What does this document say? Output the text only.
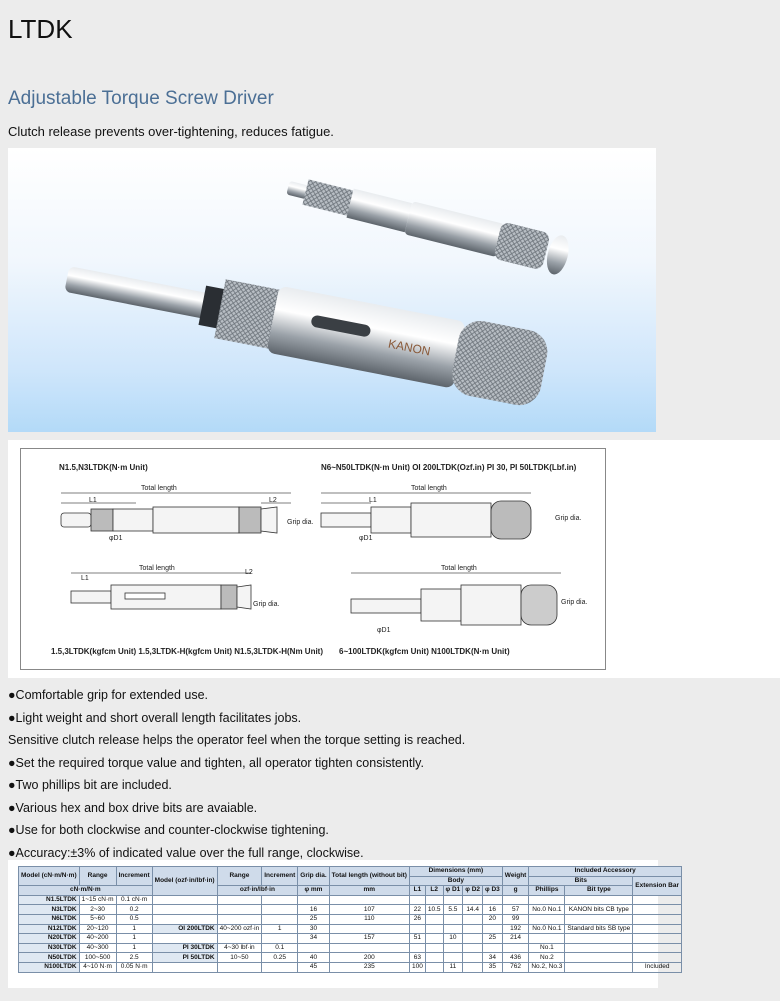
LTDK
Adjustable Torque Screw Driver
Clutch release prevents over-tightening, reduces fatigue.
KANON
N1.5,N3LTDK(N·m Unit)	N6~N50LTDK(N·m Unit) OI 200LTDK(Ozf.in) PI 30, PI 50LTDK(Lbf.in)
1.5,3LTDK(kgfcm Unit) 1.5,3LTDK-H(kgfcm Unit) N1.5,3LTDK-H(Nm Unit) 6~100LTDK(kgfcm Unit) N100LTDK(N·m Unit)
Total length	Total length
Total length	Total length
L1	L2	L1
L1
L2
φD1	φD1
φD1
Grip dia.
Grip dia.
Grip dia.	Grip dia.
●Comfortable grip for extended use.
●Light weight and short overall length facilitates jobs.
Sensitive clutch release helps the operator feel when the torque setting is reached.
●Set the required torque value and tighten, all operator tighten consistently.
●Two phillips bit are included.
●Various hex and box drive bits are avaiable.
●Use for both clockwise and counter-clockwise tightening.
●Accuracy:±3% of indicated value over the full range, clockwise.
Model (cN·m/N·m)	Range	Increment	Model (ozf·in/lbf·in)	Range	Increment	Grip dia.	Total length (without bit)	Dimensions (mm)					Weight	Included Accessory		
								Body						Bits		Extension Bar
cN·m/N·m				ozf·in/lbf·in		φ mm	mm	L1	L2	φ D1	φ D2	φ D3	g	Phillips	Bit type	
N1.5LTDK	1~15 cN·m	0.1 cN·m														
N3LTDK	2~30	0.2				16	107	22	10.5	5.5	14.4	16	57	No.0 No.1	KANON bits CB type	
N6LTDK	5~60	0.5				25	110	26				20	99			
N12LTDK	20~120	1	OI 200LTDK	40~200 ozf·in	1	30							192	No.0 No.1	Standard bits SB type	
N20LTDK	40~200	1				34	157	51		10		25	214			
N30LTDK	40~300	1	PI 30LTDK	4~30 lbf·in	0.1									No.1		
N50LTDK	100~500	2.5	PI 50LTDK	10~50	0.25	40	200	63				34	436	No.2		
N100LTDK	4~10 N·m	0.05 N·m				45	235	100		11		35	762	No.2, No.3		Included
